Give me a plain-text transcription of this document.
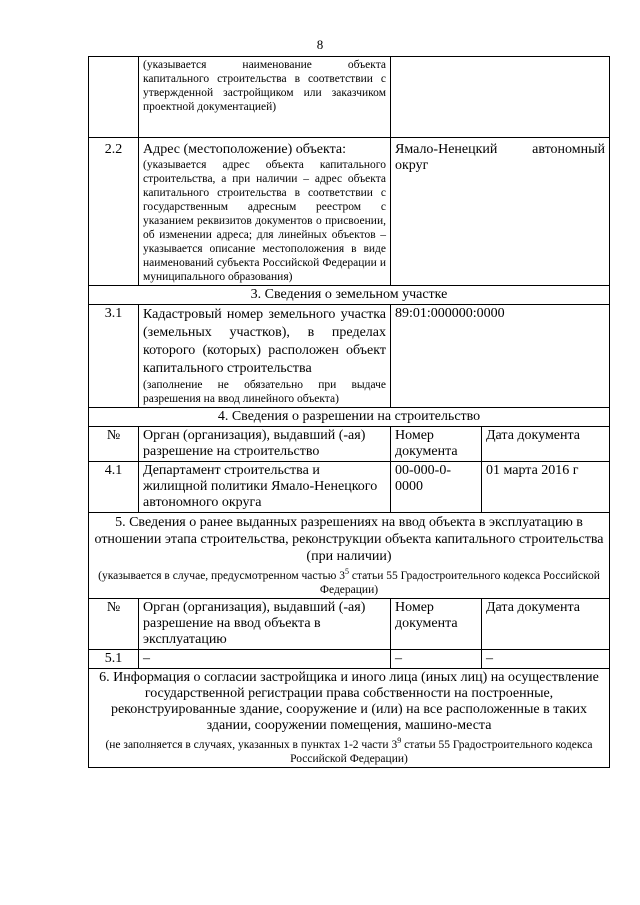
8

	(указывается наименование объекта капитального строительства в соответствии с утвержденной застройщиком или заказчиком проектной документацией)		

2.2	Адрес (местоположение) объекта:
(указывается адрес объекта капитального строительства, а при наличии – адрес объекта капитального строительства в соответствии с государственным адресным реестром с указанием реквизитов документов о присвоении, об изменении адреса; для линейных объектов – указывается описание местоположения в виде наименований субъекта Российской Федерации и муниципального образования)	Ямало-Ненецкий автономный округ	

3. Сведения о земельном участке			
3.1	Кадастровый номер земельного участка (земельных участков), в пределах которого (которых) расположен объект капитального строительства
(заполнение не обязательно при выдаче разрешения на ввод линейного объекта)	89:01:000000:0000	
4. Сведения о разрешении на строительство			
№	Орган (организация), выдавший (-ая) разрешение на строительство	Номер документа	Дата документа
4.1	Департамент строительства и жилищной политики Ямало-Ненецкого автономного округа	00-000-0-0000	01 марта 2016 г

5. Сведения о ранее выданных разрешениях на ввод объекта в эксплуатацию в отношении этапа строительства, реконструкции объекта капитального строительства (при наличии)
(указывается в случае, предусмотренном частью $3^5$ статьи 55 Градостроительного кодекса Российской Федерации)			

№	Орган (организация), выдавший (-ая) разрешение на ввод объекта в эксплуатацию	Номер документа	Дата документа
5.1	–	–	–

6. Информация о согласии застройщика и иного лица (иных лиц) на осуществление государственной регистрации права собственности на построенные, реконструированные здание, сооружение и (или) на все расположенные в таких здании, сооружении помещения, машино-места
(не заполняется в случаях, указанных в пунктах 1-2 части $3^9$ статьи 55 Градостроительного кодекса Российской Федерации)			
